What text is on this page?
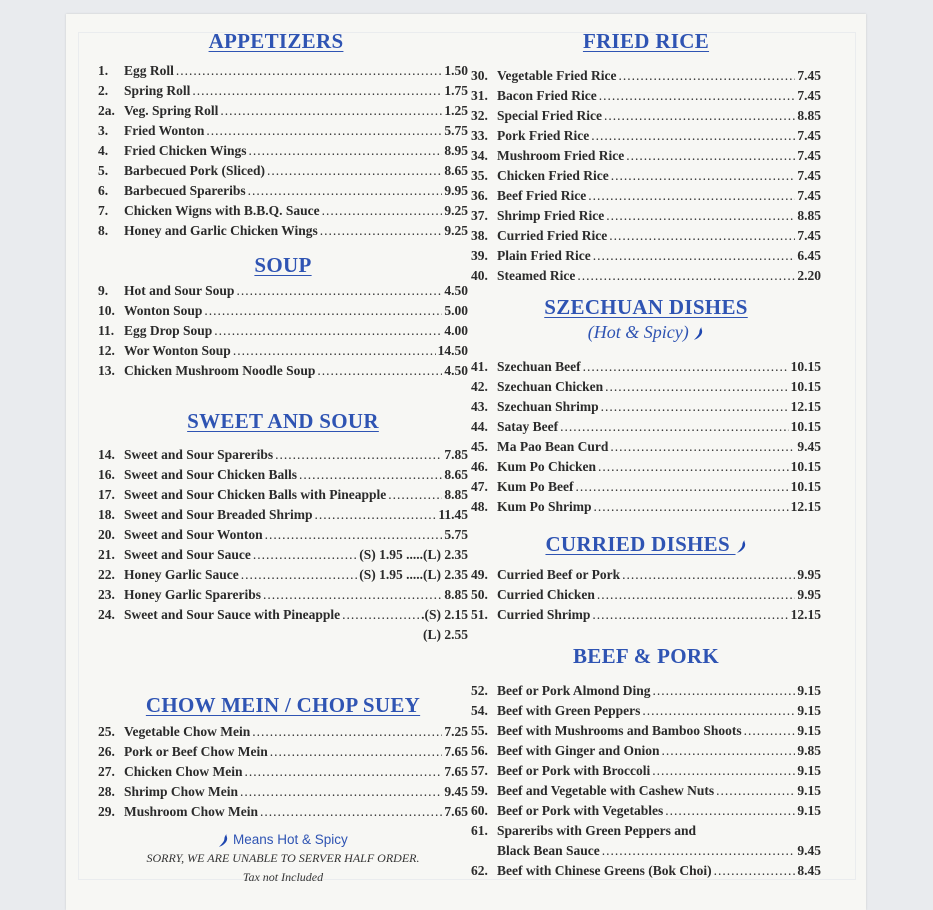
APPETIZERS
1.	Egg Roll .....	1.50
2.	Spring Roll .....	1.75
2a. Veg. Spring Roll .....	1.25
3.	Fried Wonton .....	5.75
4.	Fried Chicken Wings .....	8.95
5.	Barbecued Pork (Sliced) .....	8.65
6.	Barbecued Spareribs .....	9.95
7.	Chicken Wigns with B.B.Q. Sauce .....	9.25
8.	Honey and Garlic Chicken Wings .....	9.25
SOUP
9.	Hot and Sour Soup .....	4.50
10. Wonton Soup .....	5.00
11. Egg Drop Soup .....	4.00
12. Wor Wonton Soup .....	14.50
13. Chicken Mushroom Noodle Soup .....	4.50
SWEET AND SOUR
14. Sweet and Sour Spareribs .....	7.85
16. Sweet and Sour Chicken Balls .....	8.65
17. Sweet and Sour Chicken Balls with Pineapple .....	8.85
18. Sweet and Sour Breaded Shrimp .....	11.45
20. Sweet and Sour Wonton .....	5.75
21. Sweet and Sour Sauce .....	(S) 1.95 .....(L) 2.35
22. Honey Garlic Sauce .....	(S) 1.95 .....(L) 2.35
23. Honey Garlic Spareribs .....	8.85
24. Sweet and Sour Sauce with Pineapple .....	.(S) 2.15
(L) 2.55
CHOW MEIN / CHOP SUEY
25. Vegetable Chow Mein .....	7.25
26. Pork or Beef Chow Mein .....	7.65
27. Chicken Chow Mein .....	7.65
28. Shrimp Chow Mein .....	9.45
29. Mushroom Chow Mein .....	7.65
Means Hot & Spicy
SORRY, WE ARE UNABLE TO SERVER HALF ORDER.
Tax not Included
FRIED RICE
30. Vegetable Fried Rice .....	7.45
31. Bacon Fried Rice .....	7.45
32. Special Fried Rice .....	8.85
33. Pork Fried Rice .....	7.45
34. Mushroom Fried Rice .....	7.45
35. Chicken Fried Rice .....	7.45
36. Beef Fried Rice .....	7.45
37. Shrimp Fried Rice .....	8.85
38. Curried Fried Rice .....	7.45
39. Plain Fried Rice .....	6.45
40. Steamed Rice .....	2.20
SZECHUAN DISHES
(Hot & Spicy)
41. Szechuan Beef .....	10.15
42. Szechuan Chicken .....	10.15
43. Szechuan Shrimp .....	12.15
44. Satay Beef .....	10.15
45. Ma Pao Bean Curd .....	9.45
46. Kum Po Chicken .....	10.15
47. Kum Po Beef .....	10.15
48. Kum Po Shrimp .....	12.15
CURRIED DISHES
49. Curried Beef or Pork .....	9.95
50. Curried Chicken .....	9.95
51. Curried Shrimp .....	12.15
BEEF & PORK
52. Beef or Pork Almond Ding .....	9.15
54. Beef with Green Peppers .....	9.15
55. Beef with Mushrooms and Bamboo Shoots .....	9.15
56. Beef with Ginger and Onion .....	9.85
57. Beef or Pork with Broccoli .....	9.15
59. Beef and Vegetable with Cashew Nuts .....	9.15
60. Beef or Pork with Vegetables .....	9.15
61. Spareribs with Green Peppers and
Black Bean Sauce .....	9.45
62. Beef with Chinese Greens (Bok Choi) .....	8.45
